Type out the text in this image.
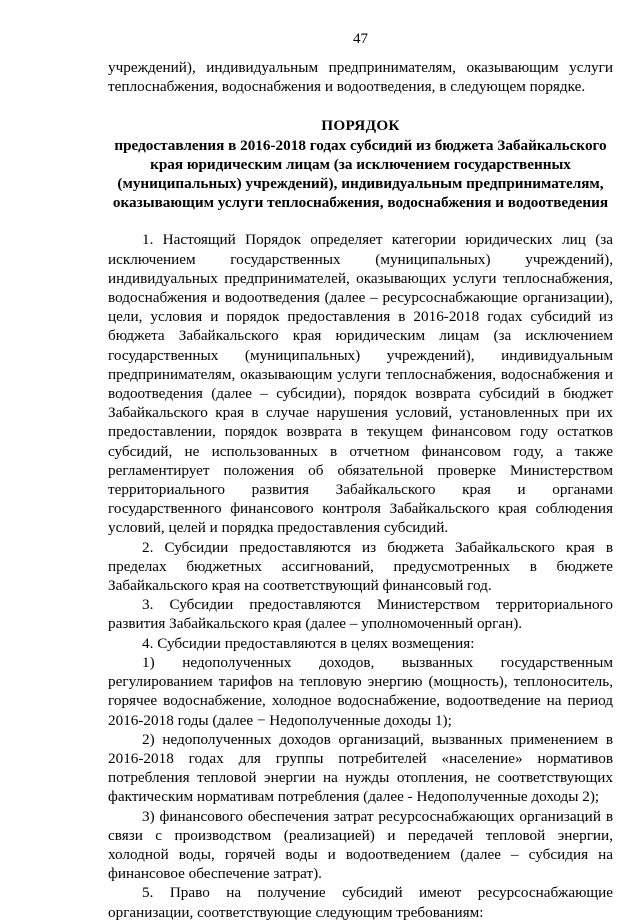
47

учреждений), индивидуальным предпринимателям, оказывающим услуги теплоснабжения, водоснабжения и водоотведения, в следующем порядке.

ПОРЯДОК

предоставления в 2016-2018 годах субсидий из бюджета Забайкальского края юридическим лицам (за исключением государственных (муниципальных) учреждений), индивидуальным предпринимателям, оказывающим услуги теплоснабжения, водоснабжения и водоотведения

1. Настоящий Порядок определяет категории юридических лиц (за исключением государственных (муниципальных) учреждений), индивидуальных предпринимателей, оказывающих услуги теплоснабжения, водоснабжения и водоотведения (далее – ресурсоснабжающие организации), цели, условия и порядок предоставления в 2016-2018 годах субсидий из бюджета Забайкальского края юридическим лицам (за исключением государственных (муниципальных) учреждений), индивидуальным предпринимателям, оказывающим услуги теплоснабжения, водоснабжения и водоотведения (далее – субсидии), порядок возврата субсидий в бюджет Забайкальского края в случае нарушения условий, установленных при их предоставлении, порядок возврата в текущем финансовом году остатков субсидий, не использованных в отчетном финансовом году, а также регламентирует положения об обязательной проверке Министерством территориального развития Забайкальского края и органами государственного финансового контроля Забайкальского края соблюдения условий, целей и порядка предоставления субсидий.

2. Субсидии предоставляются из бюджета Забайкальского края в пределах бюджетных ассигнований, предусмотренных в бюджете Забайкальского края на соответствующий финансовый год.

3. Субсидии предоставляются Министерством территориального развития Забайкальского края (далее – уполномоченный орган).

4. Субсидии предоставляются в целях возмещения:

1) недополученных доходов, вызванных государственным регулированием тарифов на тепловую энергию (мощность), теплоноситель, горячее водоснабжение, холодное водоснабжение, водоотведение на период 2016-2018 годы (далее − Недополученные доходы 1);

2) недополученных доходов организаций, вызванных применением в 2016-2018 годах для группы потребителей «население» нормативов потребления тепловой энергии на нужды отопления, не соответствующих фактическим нормативам потребления (далее - Недополученные доходы 2);

3) финансового обеспечения затрат ресурсоснабжающих организаций в связи с производством (реализацией) и передачей тепловой энергии, холодной воды, горячей воды и водоотведением (далее – субсидия на финансовое обеспечение затрат).

5. Право на получение субсидий имеют ресурсоснабжающие организации, соответствующие следующим требованиям:
